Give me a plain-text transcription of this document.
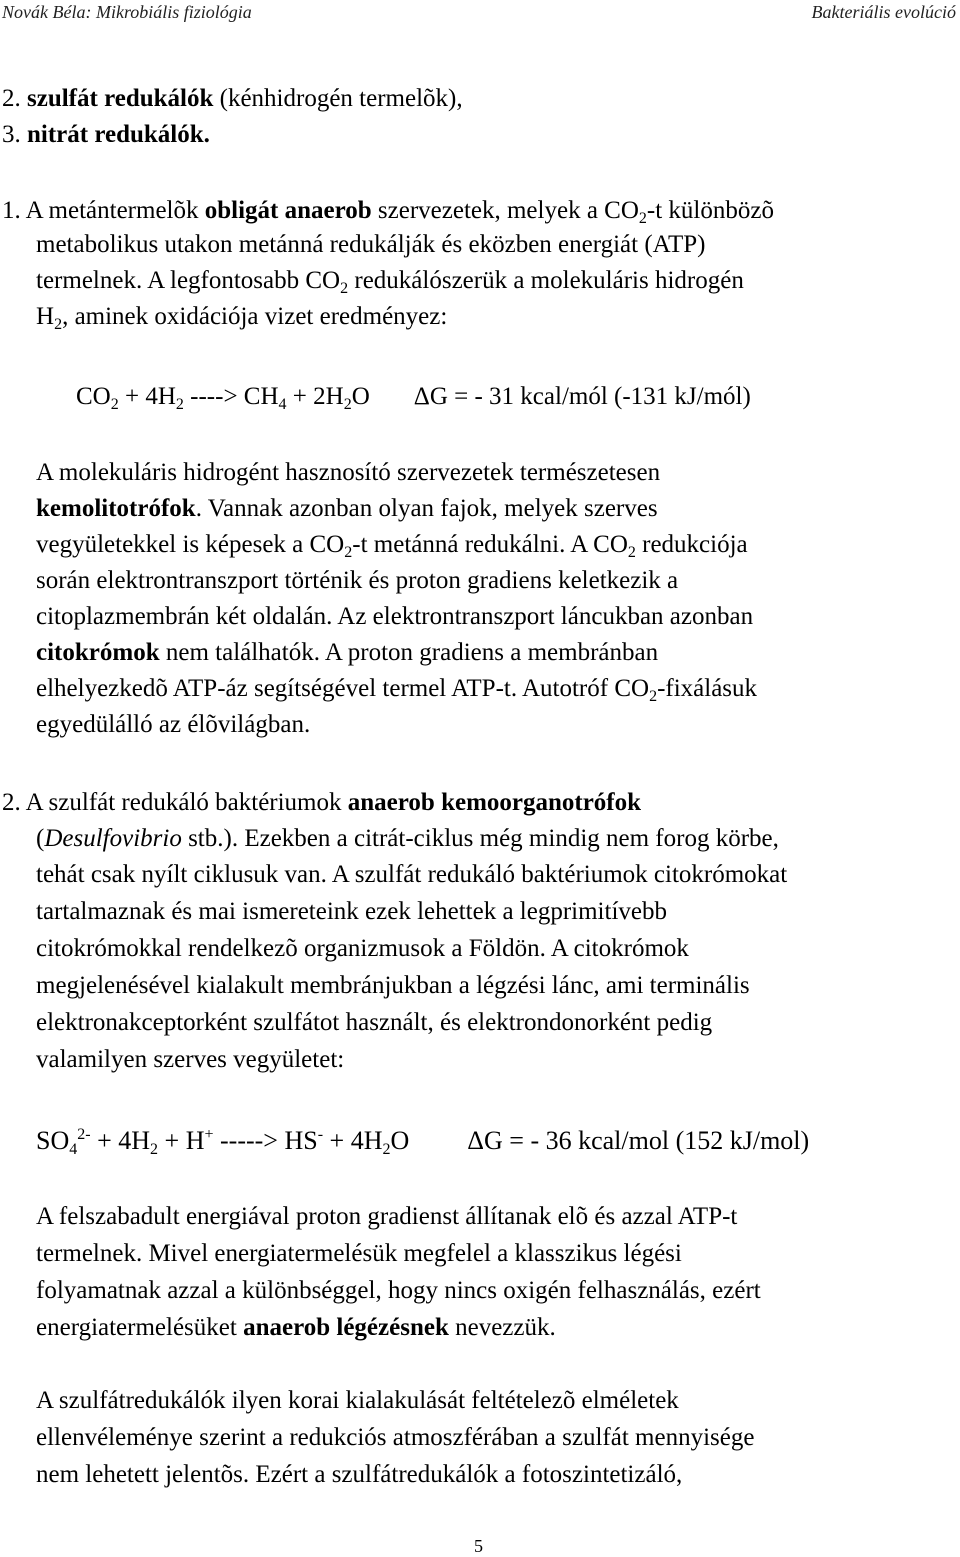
Novák Béla: Mikrobiális fiziológia	Bakteriális evolúció
2. szulfát redukálók (kénhidrogén termelõk),
3. nitrát redukálók.
1. A metántermelõk obligát anaerob szervezetek, melyek a $CO_2-t$ különbözõ
metabolikus utakon metánná redukálják és eközben energiát (ATP)
termelnek. A legfontosabb $CO_2$ redukálószerük a molekuláris hidrogén
$H_2$, aminek oxidációja vizet eredményez:
$CO_2 + 4H_2$ ----> $CH_4 + 2H_2O$ ΔG = - 31 kcal/mól (-131 kJ/mól)
A molekuláris hidrogént hasznosító szervezetek természetesen
kemolitotrófok. Vannak azonban olyan fajok, melyek szerves
vegyületekkel is képesek a $CO_2-t$ metánná redukálni. A $CO_2$ redukciója
során elektrontranszport történik és proton gradiens keletkezik a
citoplazmembrán két oldalán. Az elektrontranszport láncukban azonban
citokrómok nem találhatók. A proton gradiens a membránban
elhelyezkedõ ATP-áz segítségével termel ATP-t. Autotróf $CO_2$-fixálásuk
egyedülálló az élõvilágban.
2. A szulfát redukáló baktériumok anaerob kemoorganotrófok
(Desulfovibrio stb.). Ezekben a citrát-ciklus még mindig nem forog körbe,
tehát csak nyílt ciklusuk van. A szulfát redukáló baktériumok citokrómokat
tartalmaznak és mai ismereteink ezek lehettek a legprimitívebb
citokrómokkal rendelkezõ organizmusok a Földön. A citokrómok
megjelenésével kialakult membránjukban a légzési lánc, ami terminális
elektronakceptorként szulfátot használt, és elektrondonorként pedig
valamilyen szerves vegyületet:
$SO_4^{2-} + 4H_2 + H^+$ -----> $HS^- + 4H_2O$ ΔG = - 36 kcal/mol (152 kJ/mol)
A felszabadult energiával proton gradienst állítanak elõ és azzal ATP-t
termelnek. Mivel energiatermelésük megfelel a klasszikus légési
folyamatnak azzal a különbséggel, hogy nincs oxigén felhasználás, ezért
energiatermelésüket anaerob légézésnek nevezzük.
A szulfátredukálók ilyen korai kialakulását feltételezõ elméletek
ellenvéleménye szerint a redukciós atmoszférában a szulfát mennyisége
nem lehetett jelentõs. Ezért a szulfátredukálók a fotoszintetizáló,
5
